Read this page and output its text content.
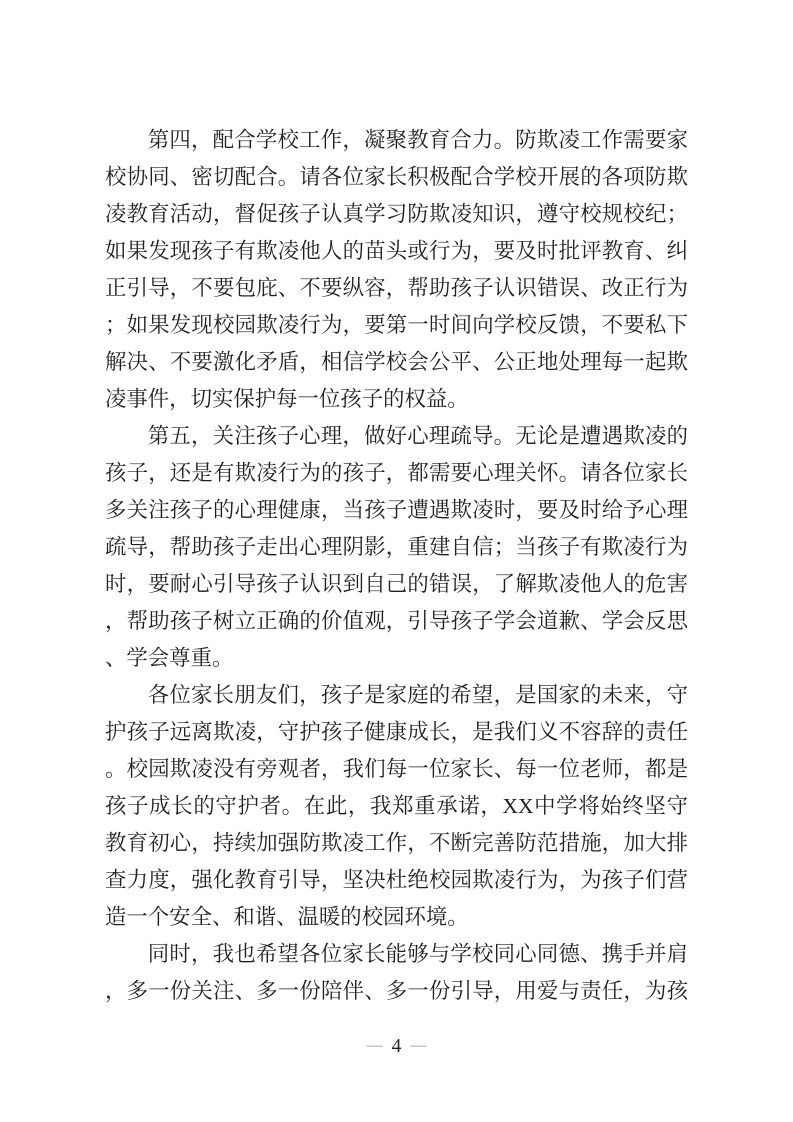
第四，配合学校工作，凝聚教育合力。防欺凌工作需要家
校协同、密切配合。请各位家长积极配合学校开展的各项防欺
凌教育活动，督促孩子认真学习防欺凌知识，遵守校规校纪；
如果发现孩子有欺凌他人的苗头或行为，要及时批评教育、纠
正引导，不要包庇、不要纵容，帮助孩子认识错误、改正行为
；如果发现校园欺凌行为，要第一时间向学校反馈，不要私下
解决、不要激化矛盾，相信学校会公平、公正地处理每一起欺
凌事件，切实保护每一位孩子的权益。
第五，关注孩子心理，做好心理疏导。无论是遭遇欺凌的
孩子，还是有欺凌行为的孩子，都需要心理关怀。请各位家长
多关注孩子的心理健康，当孩子遭遇欺凌时，要及时给予心理
疏导，帮助孩子走出心理阴影，重建自信；当孩子有欺凌行为
时，要耐心引导孩子认识到自己的错误，了解欺凌他人的危害
，帮助孩子树立正确的价值观，引导孩子学会道歉、学会反思
、学会尊重。
各位家长朋友们，孩子是家庭的希望，是国家的未来，守
护孩子远离欺凌，守护孩子健康成长，是我们义不容辞的责任
。校园欺凌没有旁观者，我们每一位家长、每一位老师，都是
孩子成长的守护者。在此，我郑重承诺，XX中学将始终坚守
教育初心，持续加强防欺凌工作，不断完善防范措施，加大排
查力度，强化教育引导，坚决杜绝校园欺凌行为，为孩子们营
造一个安全、和谐、温暖的校园环境。
同时，我也希望各位家长能够与学校同心同德、携手并肩
，多一份关注、多一份陪伴、多一份引导，用爱与责任，为孩
— 4 —
